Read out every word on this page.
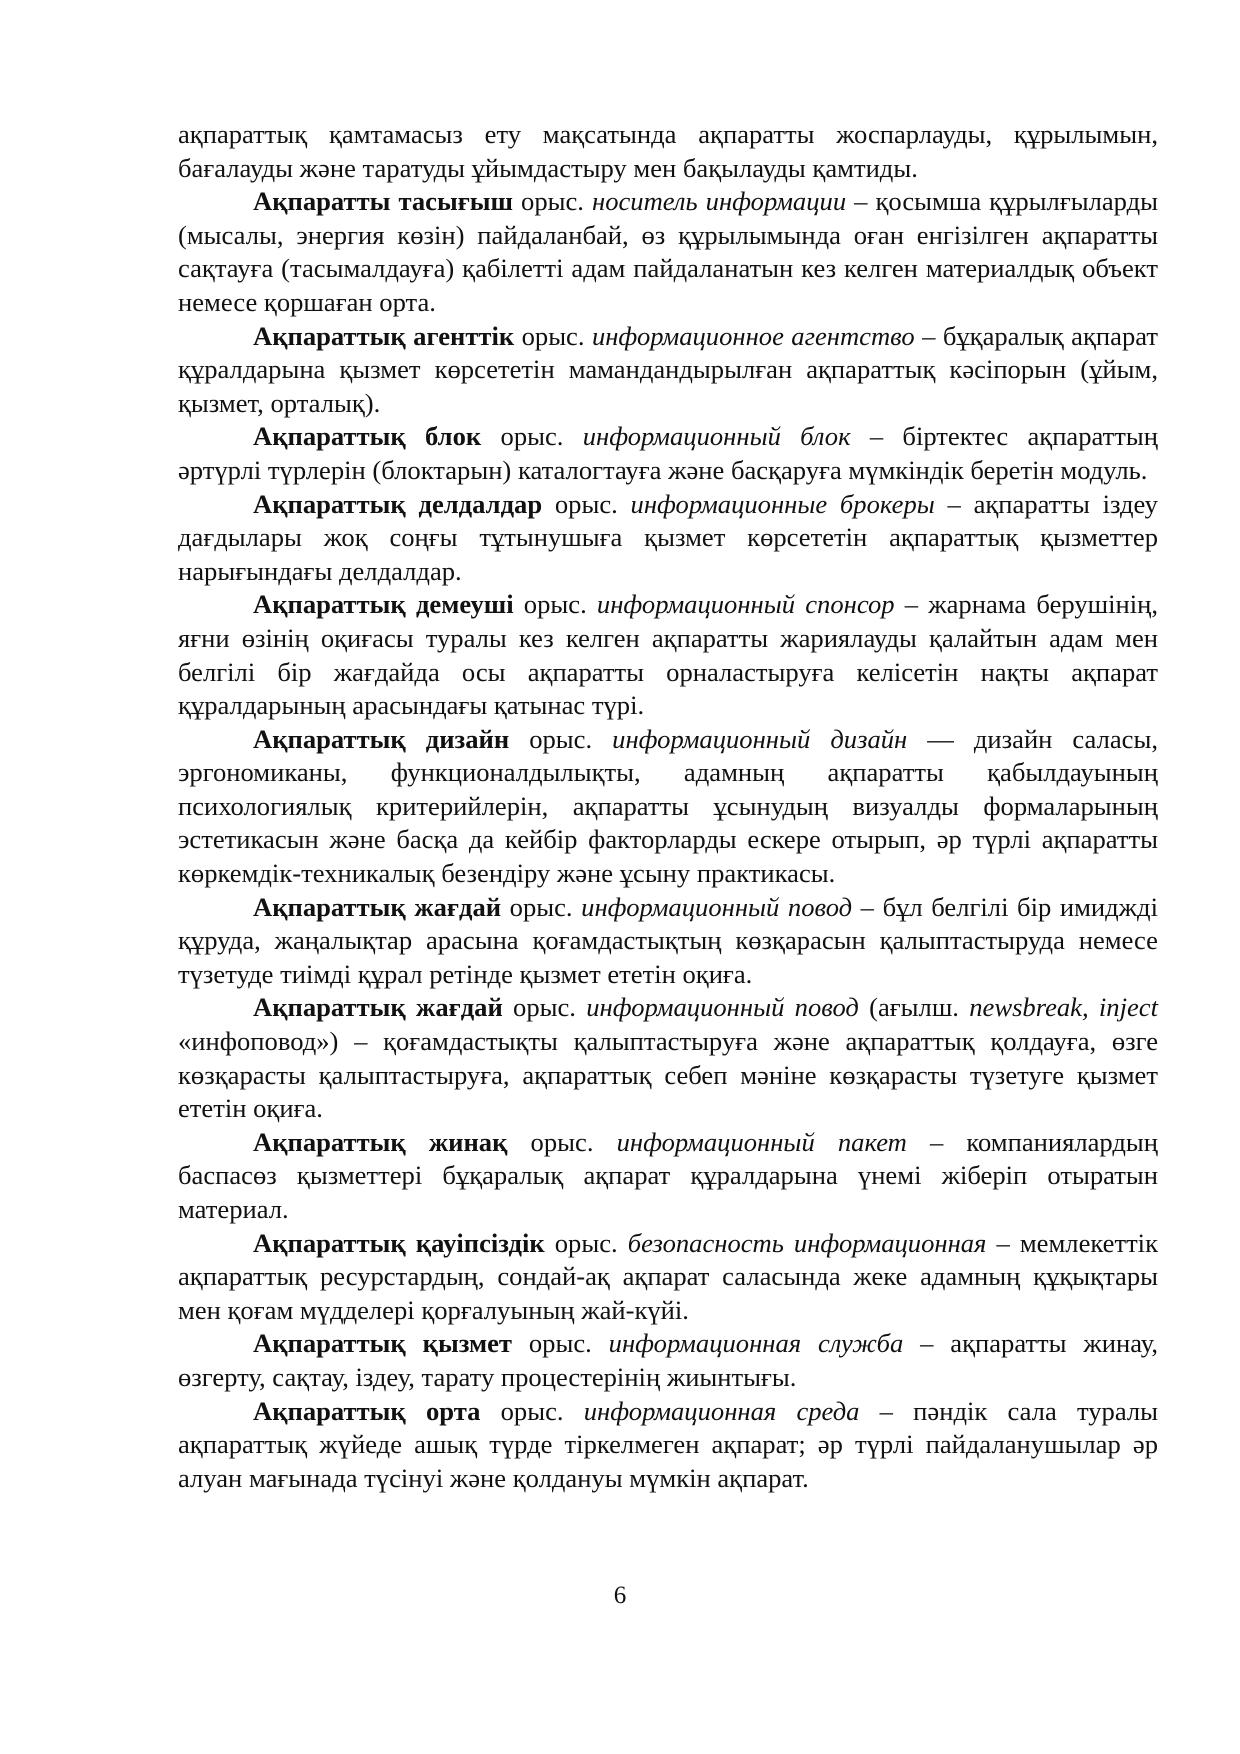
ақпараттық қамтамасыз ету мақсатында ақпаратты жоспарлауды, құрылымын, бағалауды және таратуды ұйымдастыру мен бақылауды қамтиды.

Ақпаратты тасығыш орыс. носитель информации – қосымша құрылғыларды (мысалы, энергия көзін) пайдаланбай, өз құрылымында оған енгізілген ақпаратты сақтауға (тасымалдауға) қабілетті адам пайдаланатын кез келген материалдық объект немесе қоршаған орта.

Ақпараттық агенттік орыс. информационное агентство – бұқаралық ақпарат құралдарына қызмет көрсететін мамандандырылған ақпараттық кәсіпорын (ұйым, қызмет, орталық).

Ақпараттық блок орыс. информационный блок – біртектес ақпараттың әртүрлі түрлерін (блоктарын) каталогтауға және басқаруға мүмкіндік беретін модуль.

Ақпараттық делдалдар орыс. информационные брокеры – ақпаратты іздеу дағдылары жоқ соңғы тұтынушыға қызмет көрсететін ақпараттық қызметтер нарығындағы делдалдар.

Ақпараттық демеуші орыс. информационный спонсор – жарнама берушінің, яғни өзінің оқиғасы туралы кез келген ақпаратты жариялауды қалайтын адам мен белгілі бір жағдайда осы ақпаратты орналастыруға келісетін нақты ақпарат құралдарының арасындағы қатынас түрі.

Ақпараттық дизайн орыс. информационный дизайн — дизайн саласы, эргономиканы, функционалдылықты, адамның ақпаратты қабылдауының психологиялық критерийлерін, ақпаратты ұсынудың визуалды формаларының эстетикасын және басқа да кейбір факторларды ескере отырып, әр түрлі ақпаратты көркемдік-техникалық безендіру және ұсыну практикасы.

Ақпараттық жағдай орыс. информационный повод – бұл белгілі бір имиджді құруда, жаңалықтар арасына қоғамдастықтың көзқарасын қалыптастыруда немесе түзетуде тиімді құрал ретінде қызмет ететін оқиға.

Ақпараттық жағдай орыс. информационный повод (ағылш. newsbreak, inject «инфоповод») – қоғамдастықты қалыптастыруға және ақпараттық қолдауға, өзге көзқарасты қалыптастыруға, ақпараттық себеп мәніне көзқарасты түзетуге қызмет ететін оқиға.

Ақпараттық жинақ орыс. информационный пакет – компаниялардың баспасөз қызметтері бұқаралық ақпарат құралдарына үнемі жіберіп отыратын материал.

Ақпараттық қауіпсіздік орыс. безопасность информационная – мемлекеттік ақпараттық ресурстардың, сондай-ақ ақпарат саласында жеке адамның құқықтары мен қоғам мүдделері қорғалуының жай-күйі.

Ақпараттық қызмет орыс. информационная служба – ақпаратты жинау, өзгерту, сақтау, іздеу, тарату процестерінің жиынтығы.

Ақпараттық орта орыс. информационная среда – пәндік сала туралы ақпараттық жүйеде ашық түрде тіркелмеген ақпарат; әр түрлі пайдаланушылар әр алуан мағынада түсінуі және қолдануы мүмкін ақпарат.

6
